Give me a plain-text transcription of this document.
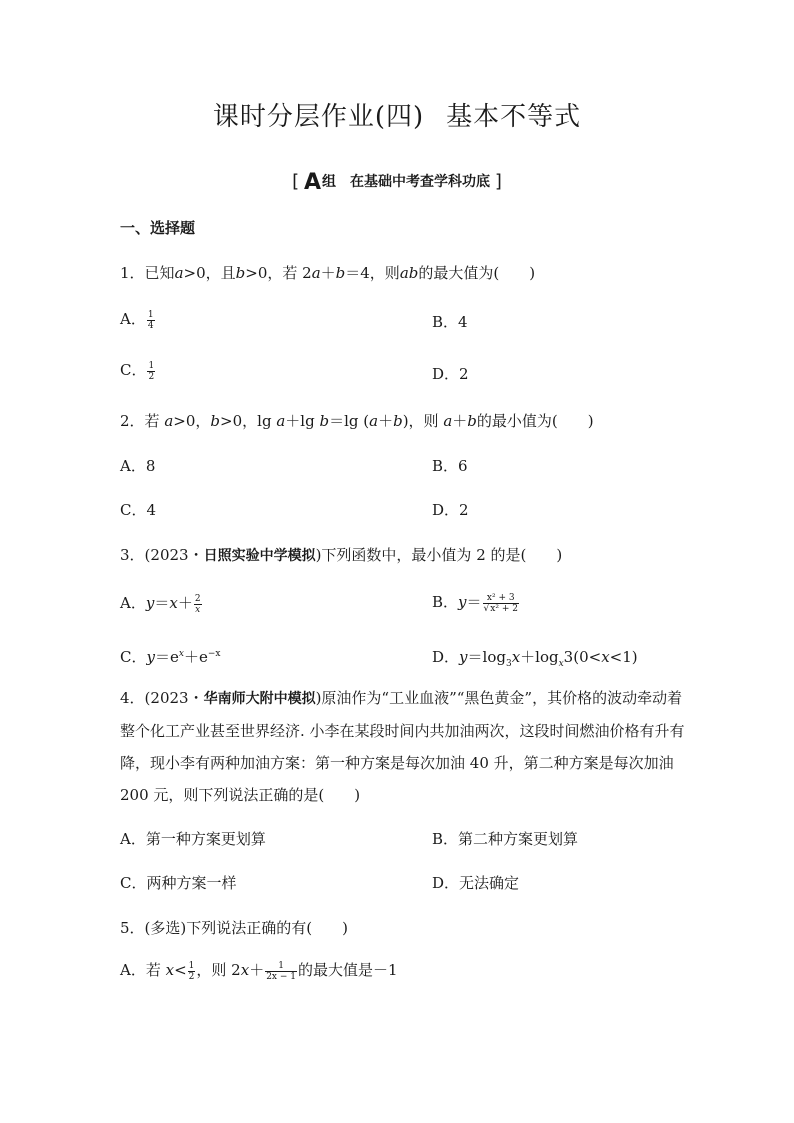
课时分层作业(四) 基本不等式
[ A组 在基础中考查学科功底 ]
一、选择题
1．已知a>0，且b>0，若 2a＋b＝4，则ab的最大值为(　　)
A． $\frac{1}{4}$	B．4
C． $\frac{1}{2}$	D．2
2．若 a>0，b>0，lg a＋lg b＝lg (a＋b)，则 a＋b的最小值为(　　)
A．8	B．6
C．4	D．2
3．(2023・日照实验中学模拟)下列函数中，最小值为 2 的是(　　)
A．$y=x+ \frac{2}{x}$	B．$y= \frac{\text{x² + 3}}{\text{√x² + 2}}$
C．$y=e^x+e^{-x}$	D．$y=\log_3x+\log_x3(0<x<1)$
4．(2023・华南师大附中模拟)原油作为“工业血液”“黑色黄金”，其价格的波动牵动着整个化工产业甚至世界经济. 小李在某段时间内共加油两次，这段时间燃油价格有升有降，现小李有两种加油方案：第一种方案是每次加油 40 升，第二种方案是每次加油 200 元，则下列说法正确的是(　　)
A．第一种方案更划算	B．第二种方案更划算
C．两种方案一样	D．无法确定
5．(多选)下列说法正确的有(　　)
A．若 $x< \frac{1}{2}$ ，则 $2x+ \frac{1}{2x - 1}$ 的最大值是－1
